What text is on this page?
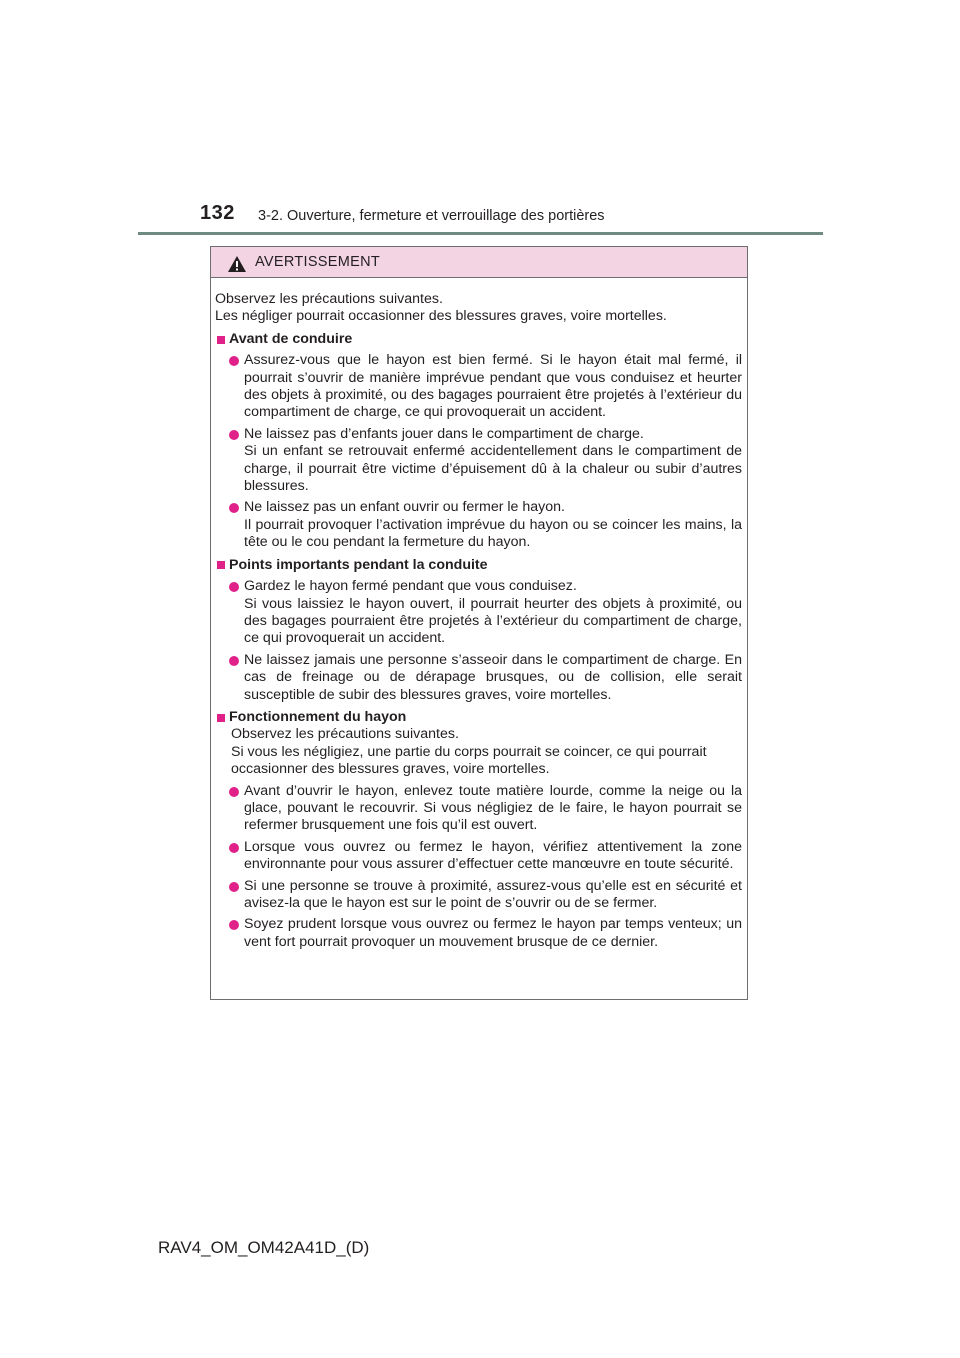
132 3-2. Ouverture, fermeture et verrouillage des portières
AVERTISSEMENT

Observez les précautions suivantes.

Les négliger pourrait occasionner des blessures graves, voire mortelles.

Avant de conduire

Assurez-vous que le hayon est bien fermé. Si le hayon était mal fermé, il pourrait s’ouvrir de manière imprévue pendant que vous conduisez et heurter des objets à proximité, ou des bagages pourraient être projetés à l’extérieur du compartiment de charge, ce qui provoquerait un accident.

Ne laissez pas d’enfants jouer dans le compartiment de charge.

Si un enfant se retrouvait enfermé accidentellement dans le compartiment de charge, il pourrait être victime d’épuisement dû à la chaleur ou subir d’autres blessures.

Ne laissez pas un enfant ouvrir ou fermer le hayon.

Il pourrait provoquer l’activation imprévue du hayon ou se coincer les mains, la tête ou le cou pendant la fermeture du hayon.

Points importants pendant la conduite

Gardez le hayon fermé pendant que vous conduisez.

Si vous laissiez le hayon ouvert, il pourrait heurter des objets à proximité, ou des bagages pourraient être projetés à l’extérieur du compartiment de charge, ce qui provoquerait un accident.

Ne laissez jamais une personne s’asseoir dans le compartiment de charge. En cas de freinage ou de dérapage brusques, ou de collision, elle serait susceptible de subir des blessures graves, voire mortelles.

Fonctionnement du hayon

Observez les précautions suivantes.

Si vous les négligiez, une partie du corps pourrait se coincer, ce qui pourrait occasionner des blessures graves, voire mortelles.

Avant d’ouvrir le hayon, enlevez toute matière lourde, comme la neige ou la glace, pouvant le recouvrir. Si vous négligiez de le faire, le hayon pourrait se refermer brusquement une fois qu’il est ouvert.

Lorsque vous ouvrez ou fermez le hayon, vérifiez attentivement la zone environnante pour vous assurer d’effectuer cette manœuvre en toute sécurité.

Si une personne se trouve à proximité, assurez-vous qu’elle est en sécurité et avisez-la que le hayon est sur le point de s’ouvrir ou de se fermer.

Soyez prudent lorsque vous ouvrez ou fermez le hayon par temps venteux; un vent fort pourrait provoquer un mouvement brusque de ce dernier.

RAV4_OM_OM42A41D_(D)
